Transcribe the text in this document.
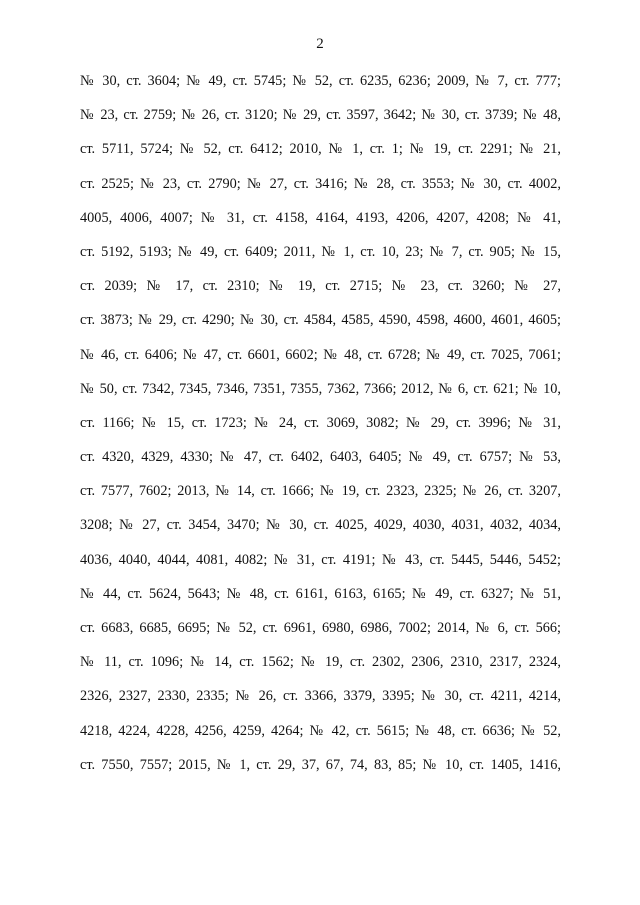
2
№ 30, ст. 3604; № 49, ст. 5745; № 52, ст. 6235, 6236; 2009, № 7, ст. 777;
№ 23, ст. 2759; № 26, ст. 3120; № 29, ст. 3597, 3642; № 30, ст. 3739; № 48,
ст. 5711, 5724; № 52, ст. 6412; 2010, № 1, ст. 1; № 19, ст. 2291; № 21,
ст. 2525; № 23, ст. 2790; № 27, ст. 3416; № 28, ст. 3553; № 30, ст. 4002,
4005, 4006, 4007; № 31, ст. 4158, 4164, 4193, 4206, 4207, 4208; № 41,
ст. 5192, 5193; № 49, ст. 6409; 2011, № 1, ст. 10, 23; № 7, ст. 905; № 15,
ст. 2039; № 17, ст. 2310; № 19, ст. 2715; № 23, ст. 3260; № 27,
ст. 3873; № 29, ст. 4290; № 30, ст. 4584, 4585, 4590, 4598, 4600, 4601, 4605;
№ 46, ст. 6406; № 47, ст. 6601, 6602; № 48, ст. 6728; № 49, ст. 7025, 7061;
№ 50, ст. 7342, 7345, 7346, 7351, 7355, 7362, 7366; 2012, № 6, ст. 621; № 10,
ст. 1166; № 15, ст. 1723; № 24, ст. 3069, 3082; № 29, ст. 3996; № 31,
ст. 4320, 4329, 4330; № 47, ст. 6402, 6403, 6405; № 49, ст. 6757; № 53,
ст. 7577, 7602; 2013, № 14, ст. 1666; № 19, ст. 2323, 2325; № 26, ст. 3207,
3208; № 27, ст. 3454, 3470; № 30, ст. 4025, 4029, 4030, 4031, 4032, 4034,
4036, 4040, 4044, 4081, 4082; № 31, ст. 4191; № 43, ст. 5445, 5446, 5452;
№ 44, ст. 5624, 5643; № 48, ст. 6161, 6163, 6165; № 49, ст. 6327; № 51,
ст. 6683, 6685, 6695; № 52, ст. 6961, 6980, 6986, 7002; 2014, № 6, ст. 566;
№ 11, ст. 1096; № 14, ст. 1562; № 19, ст. 2302, 2306, 2310, 2317, 2324,
2326, 2327, 2330, 2335; № 26, ст. 3366, 3379, 3395; № 30, ст. 4211, 4214,
4218, 4224, 4228, 4256, 4259, 4264; № 42, ст. 5615; № 48, ст. 6636; № 52,
ст. 7550, 7557; 2015, № 1, ст. 29, 37, 67, 74, 83, 85; № 10, ст. 1405, 1416,
